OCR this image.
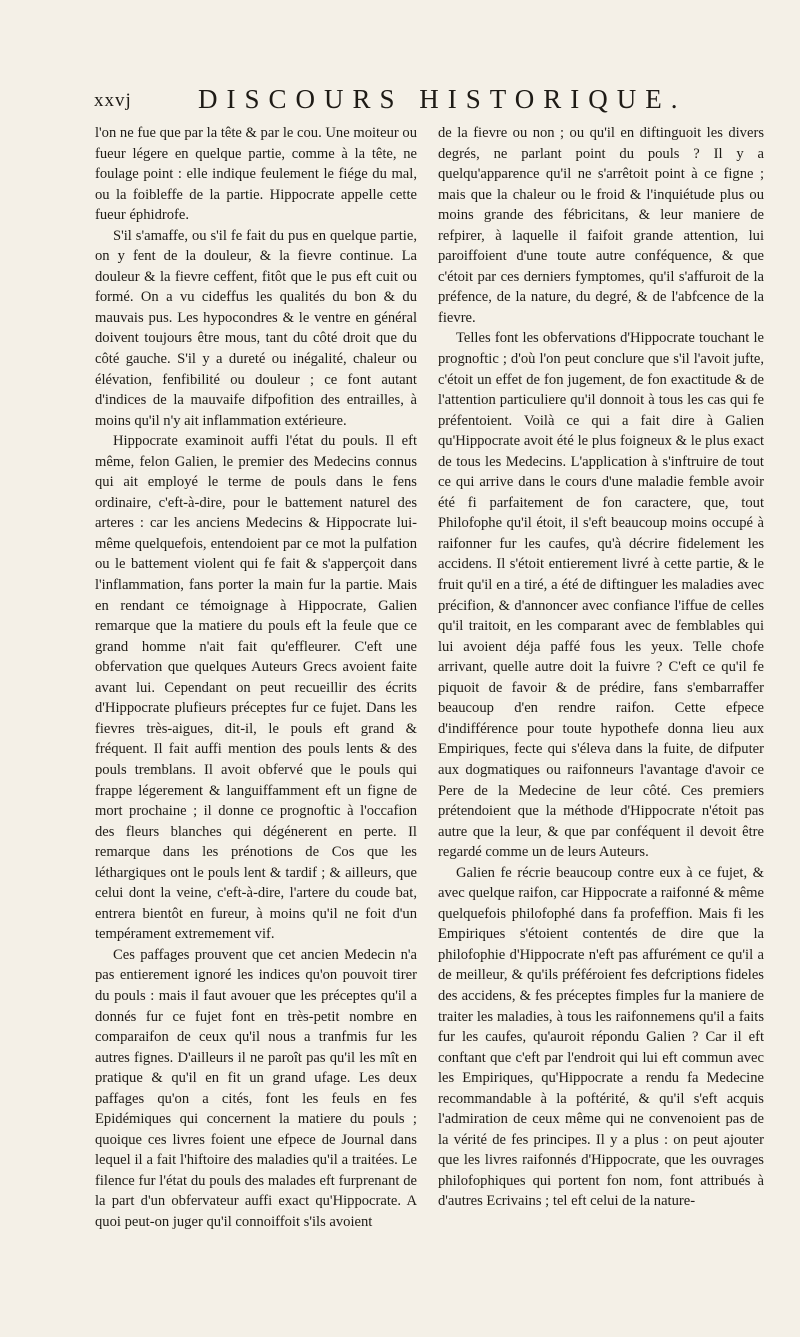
xxvj DISCOURS HISTORIQUE.

l'on ne fue que par la tête & par le cou. Une moiteur ou fueur légere en quelque partie, comme à la tête, ne foulage point : elle indique feulement le fiége du mal, ou la foibleffe de la partie. Hippocrate appelle cette fueur éphidrofe.

S'il s'amaffe, ou s'il fe fait du pus en quelque partie, on y fent de la douleur, & la fievre continue. La douleur & la fievre ceffent, fitôt que le pus eft cuit ou formé. On a vu cideffus les qualités du bon & du mauvais pus. Les hypocondres & le ventre en général doivent toujours être mous, tant du côté droit que du côté gauche. S'il y a dureté ou inégalité, chaleur ou élévation, fenfibilité ou douleur ; ce font autant d'indices de la mauvaife difpofition des entrailles, à moins qu'il n'y ait inflammation extérieure.

Hippocrate examinoit auffi l'état du pouls. Il eft même, felon Galien, le premier des Medecins connus qui ait employé le terme de pouls dans le fens ordinaire, c'eft-à-dire, pour le battement naturel des arteres : car les anciens Medecins & Hippocrate lui-même quelquefois, entendoient par ce mot la pulfation ou le battement violent qui fe fait & s'apperçoit dans l'inflammation, fans porter la main fur la partie. Mais en rendant ce témoignage à Hippocrate, Galien remarque que la matiere du pouls eft la feule que ce grand homme n'ait fait qu'effleurer. C'eft une obfervation que quelques Auteurs Grecs avoient faite avant lui. Cependant on peut recueillir des écrits d'Hippocrate plufieurs préceptes fur ce fujet. Dans les fievres très-aigues, dit-il, le pouls eft grand & fréquent. Il fait auffi mention des pouls lents & des pouls tremblans. Il avoit obfervé que le pouls qui frappe légerement & languiffamment eft un figne de mort prochaine ; il donne ce prognoftic à l'occafion des fleurs blanches qui dégénerent en perte. Il remarque dans les prénotions de Cos que les léthargiques ont le pouls lent & tardif ; & ailleurs, que celui dont la veine, c'eft-à-dire, l'artere du coude bat, entrera bientôt en fureur, à moins qu'il ne foit d'un tempérament extremement vif.

Ces paffages prouvent que cet ancien Medecin n'a pas entierement ignoré les indices qu'on pouvoit tirer du pouls : mais il faut avouer que les préceptes qu'il a donnés fur ce fujet font en très-petit nombre en comparaifon de ceux qu'il nous a tranfmis fur les autres fignes. D'ailleurs il ne paroît pas qu'il les mît en pratique & qu'il en fit un grand ufage. Les deux paffages qu'on a cités, font les feuls en fes Epidémiques qui concernent la matiere du pouls ; quoique ces livres foient une efpece de Journal dans lequel il a fait l'hiftoire des maladies qu'il a traitées. Le filence fur l'état du pouls des malades eft furprenant de la part d'un obfervateur auffi exact qu'Hippocrate. A quoi peut-on juger qu'il connoiffoit s'ils avoient

de la fievre ou non ; ou qu'il en diftinguoit les divers degrés, ne parlant point du pouls ? Il y a quelqu'apparence qu'il ne s'arrêtoit point à ce figne ; mais que la chaleur ou le froid & l'inquiétude plus ou moins grande des fébricitans, & leur maniere de refpirer, à laquelle il faifoit grande attention, lui paroiffoient d'une toute autre conféquence, & que c'étoit par ces derniers fymptomes, qu'il s'affuroit de la préfence, de la nature, du degré, & de l'abfcence de la fievre.

Telles font les obfervations d'Hippocrate touchant le prognoftic ; d'où l'on peut conclure que s'il l'avoit jufte, c'étoit un effet de fon jugement, de fon exactitude & de l'attention particuliere qu'il donnoit à tous les cas qui fe préfentoient. Voilà ce qui a fait dire à Galien qu'Hippocrate avoit été le plus foigneux & le plus exact de tous les Medecins. L'application à s'inftruire de tout ce qui arrive dans le cours d'une maladie femble avoir été fi parfaitement de fon caractere, que, tout Philofophe qu'il étoit, il s'eft beaucoup moins occupé à raifonner fur les caufes, qu'à décrire fidelement les accidens. Il s'étoit entierement livré à cette partie, & le fruit qu'il en a tiré, a été de diftinguer les maladies avec précifion, & d'annoncer avec confiance l'iffue de celles qu'il traitoit, en les comparant avec de femblables qui lui avoient déja paffé fous les yeux. Telle chofe arrivant, quelle autre doit la fuivre ? C'eft ce qu'il fe piquoit de favoir & de prédire, fans s'embarraffer beaucoup d'en rendre raifon. Cette efpece d'indifférence pour toute hypothefe donna lieu aux Empiriques, fecte qui s'éleva dans la fuite, de difputer aux dogmatiques ou raifonneurs l'avantage d'avoir ce Pere de la Medecine de leur côté. Ces premiers prétendoient que la méthode d'Hippocrate n'étoit pas autre que la leur, & que par conféquent il devoit être regardé comme un de leurs Auteurs.

Galien fe récrie beaucoup contre eux à ce fujet, & avec quelque raifon, car Hippocrate a raifonné & même quelquefois philofophé dans fa profeffion. Mais fi les Empiriques s'étoient contentés de dire que la philofophie d'Hippocrate n'eft pas affurément ce qu'il a de meilleur, & qu'ils préféroient fes defcriptions fideles des accidens, & fes préceptes fimples fur la maniere de traiter les maladies, à tous les raifonnemens qu'il a faits fur les caufes, qu'auroit répondu Galien ? Car il eft conftant que c'eft par l'endroit qui lui eft commun avec les Empiriques, qu'Hippocrate a rendu fa Medecine recommandable à la poftérité, & qu'il s'eft acquis l'admiration de ceux même qui ne convenoient pas de la vérité de fes principes. Il y a plus : on peut ajouter que les livres raifonnés d'Hippocrate, que les ouvrages philofophiques qui portent fon nom, font attribués à d'autres Ecrivains ; tel eft celui de la nature-
